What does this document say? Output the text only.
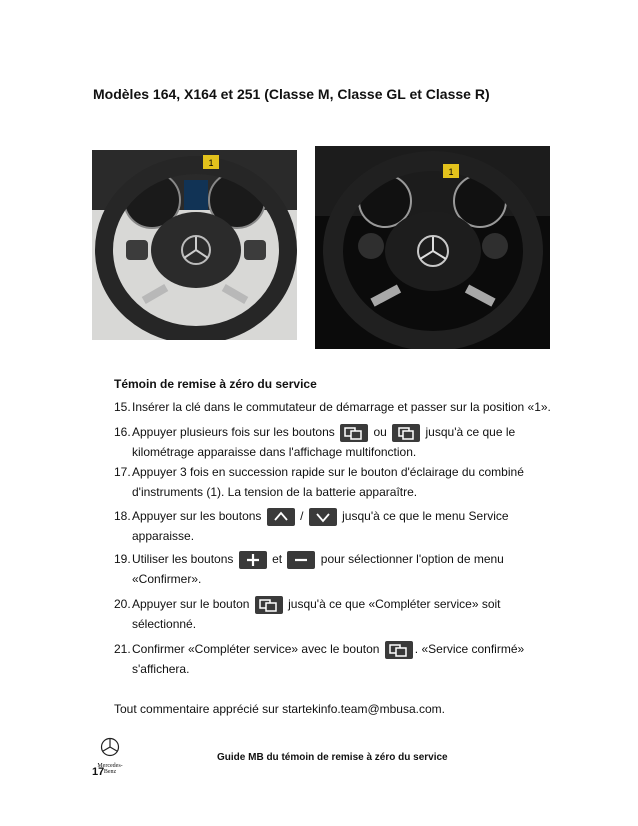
Modèles 164, X164 et 251 (Classe M, Classe GL et Classe R)
1
1
Témoin de remise à zéro du service
15.Insérer la clé dans le commutateur de démarrage et passer sur la position «1».
16.Appuyer plusieurs fois sur les boutons	ou	jusqu'à ce que le
kilométrage apparaisse dans l'affichage multifonction.
17.Appuyer 3 fois en succession rapide sur le bouton d'éclairage du combiné
d'instruments (1). La tension de la batterie apparaître.
18.Appuyer sur les boutons	/	jusqu'à ce que le menu Service
apparaisse.
19.Utiliser les boutons	et	pour sélectionner l'option de menu
«Confirmer».
20.Appuyer sur le bouton	jusqu'à ce que «Compléter service» soit
sélectionné.
21.Confirmer «Compléter service» avec le bouton	. «Service confirmé»
s'affichera.
Tout commentaire apprécié sur startekinfo.team@mbusa.com.
Mercedes-Benz
Guide MB du témoin de remise à zéro du service
17
